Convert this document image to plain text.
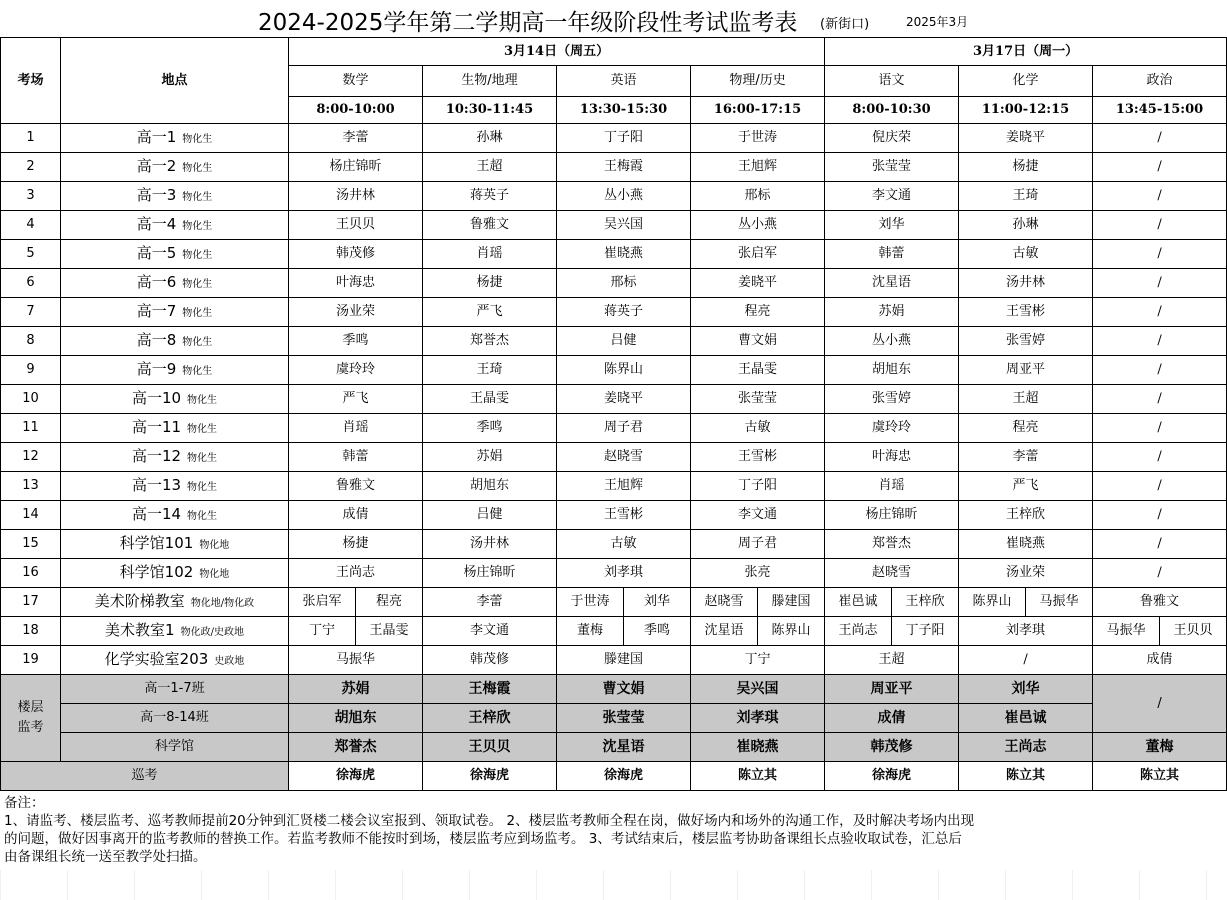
2024-2025学年第二学期高一年级阶段性考试监考表 (新街口)	2025年3月
考场	地点	3月14日（周五）							3月17日（周一）					
		数学		生物/地理	英语		物理/历史		语文		化学		政治	
		8:00-10:00		10:30-11:45	13:30-15:30		16:00-17:15		8:00-10:30		11:00-12:15		13:45-15:00	
1	高一1 物化生	李蕾		孙琳	丁子阳		于世涛		倪庆荣		姜晓平		/	
2	高一2 物化生	杨庄锦昕		王超	王梅霞		王旭辉		张莹莹		杨捷		/	
3	高一3 物化生	汤井林		蒋英子	丛小燕		邢标		李文通		王琦		/	
4	高一4 物化生	王贝贝		鲁雅文	吴兴国		丛小燕		刘华		孙琳		/	
5	高一5 物化生	韩茂修		肖瑶	崔晓燕		张启军		韩蕾		古敏		/	
6	高一6 物化生	叶海忠		杨捷	邢标		姜晓平		沈星语		汤井林		/	
7	高一7 物化生	汤业荣		严飞	蒋英子		程亮		苏娟		王雪彬		/	
8	高一8 物化生	季鸣		郑誉杰	吕健		曹文娟		丛小燕		张雪婷		/	
9	高一9 物化生	虞玲玲		王琦	陈界山		王晶雯		胡旭东		周亚平		/	
10	高一10 物化生	严飞		王晶雯	姜晓平		张莹莹		张雪婷		王超		/	
11	高一11 物化生	肖瑶		季鸣	周子君		古敏		虞玲玲		程亮		/	
12	高一12 物化生	韩蕾		苏娟	赵晓雪		王雪彬		叶海忠		李蕾		/	
13	高一13 物化生	鲁雅文		胡旭东	王旭辉		丁子阳		肖瑶		严飞		/	
14	高一14 物化生	成倩		吕健	王雪彬		李文通		杨庄锦昕		王梓欣		/	
15	科学馆101 物化地	杨捷		汤井林	古敏		周子君		郑誉杰		崔晓燕		/	
16	科学馆102 物化地	王尚志		杨庄锦昕	刘孝琪		张亮		赵晓雪		汤业荣		/	
17	美术阶梯教室 物化地/物化政	张启军	程亮	李蕾	于世涛	刘华	赵晓雪	滕建国	崔邑诚	王梓欣	陈界山	马振华	鲁雅文	
18	美术教室1 物化政/史政地	丁宁	王晶雯	李文通	董梅	季鸣	沈星语	陈界山	王尚志	丁子阳	刘孝琪		马振华	王贝贝
19	化学实验室203 史政地	马振华		韩茂修	滕建国		丁宁		王超		/		成倩	
楼层
监考	高一1-7班	苏娟		王梅霞	曹文娟		吴兴国		周亚平		刘华		/	
	高一8-14班	胡旭东		王梓欣	张莹莹		刘孝琪		成倩		崔邑诚			
	科学馆	郑誉杰		王贝贝	沈星语		崔晓燕		韩茂修		王尚志		董梅	
巡考		徐海虎		徐海虎	徐海虎		陈立其		徐海虎		陈立其		陈立其	
备注：
1、请监考、楼层监考、巡考教师提前20分钟到汇贤楼二楼会议室报到、领取试卷。 2、楼层监考教师全程在岗，做好场内和场外的沟通工作，及时解决考场内出现
的问题，做好因事离开的监考教师的替换工作。若监考教师不能按时到场，楼层监考应到场监考。 3、考试结束后，楼层监考协助备课组长点验收取试卷，汇总后
由备课组长统一送至教学处扫描。
